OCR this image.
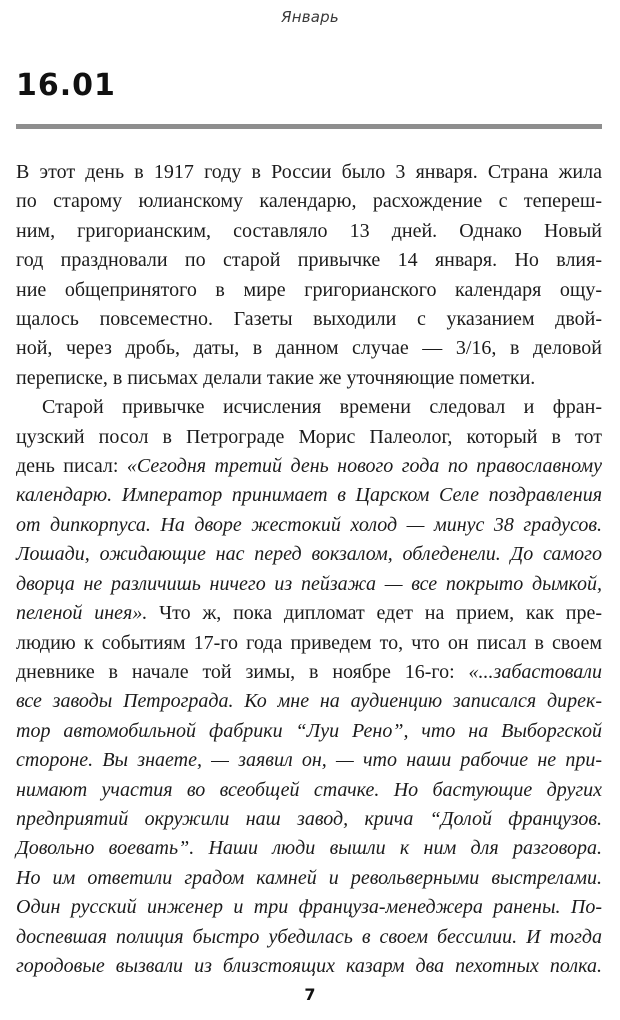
Январь
16.01

В этот день в 1917 году в России было 3 января. Страна жила
по старому юлианскому календарю, расхождение с тепереш-
ним, григорианским, составляло 13 дней. Однако Новый
год праздновали по старой привычке 14 января. Но влия-
ние общепринятого в мире григорианского календаря ощу-
щалось повсеместно. Газеты выходили с указанием двой-
ной, через дробь, даты, в данном случае — 3/16, в деловой
переписке, в письмах делали такие же уточняющие пометки.

Старой привычке исчисления времени следовал и фран-
цузский посол в Петрограде Морис Палеолог, который в тот
день писал: «Сегодня третий день нового года по православному
календарю. Император принимает в Царском Селе поздравления
от дипкорпуса. На дворе жестокий холод — минус 38 градусов.
Лошади, ожидающие нас перед вокзалом, обледенели. До самого
дворца не различишь ничего из пейзажа — все покрыто дымкой,
пеленой инея». Что ж, пока дипломат едет на прием, как пре-
людию к событиям 17-го года приведем то, что он писал в своем
дневнике в начале той зимы, в ноябре 16-го: «...забастовали
все заводы Петрограда. Ко мне на аудиенцию записался дирек-
тор автомобильной фабрики “Луи Рено”, что на Выборгской
стороне. Вы знаете, — заявил он, — что наши рабочие не при-
нимают участия во всеобщей стачке. Но бастующие других
предприятий окружили наш завод, крича “Долой французов.
Довольно воевать”. Наши люди вышли к ним для разговора.
Но им ответили градом камней и револьверными выстрелами.
Один русский инженер и три француза-менеджера ранены. По-
доспевшая полиция быстро убедилась в своем бессилии. И тогда
городовые вызвали из близстоящих казарм два пехотных полка.

7
